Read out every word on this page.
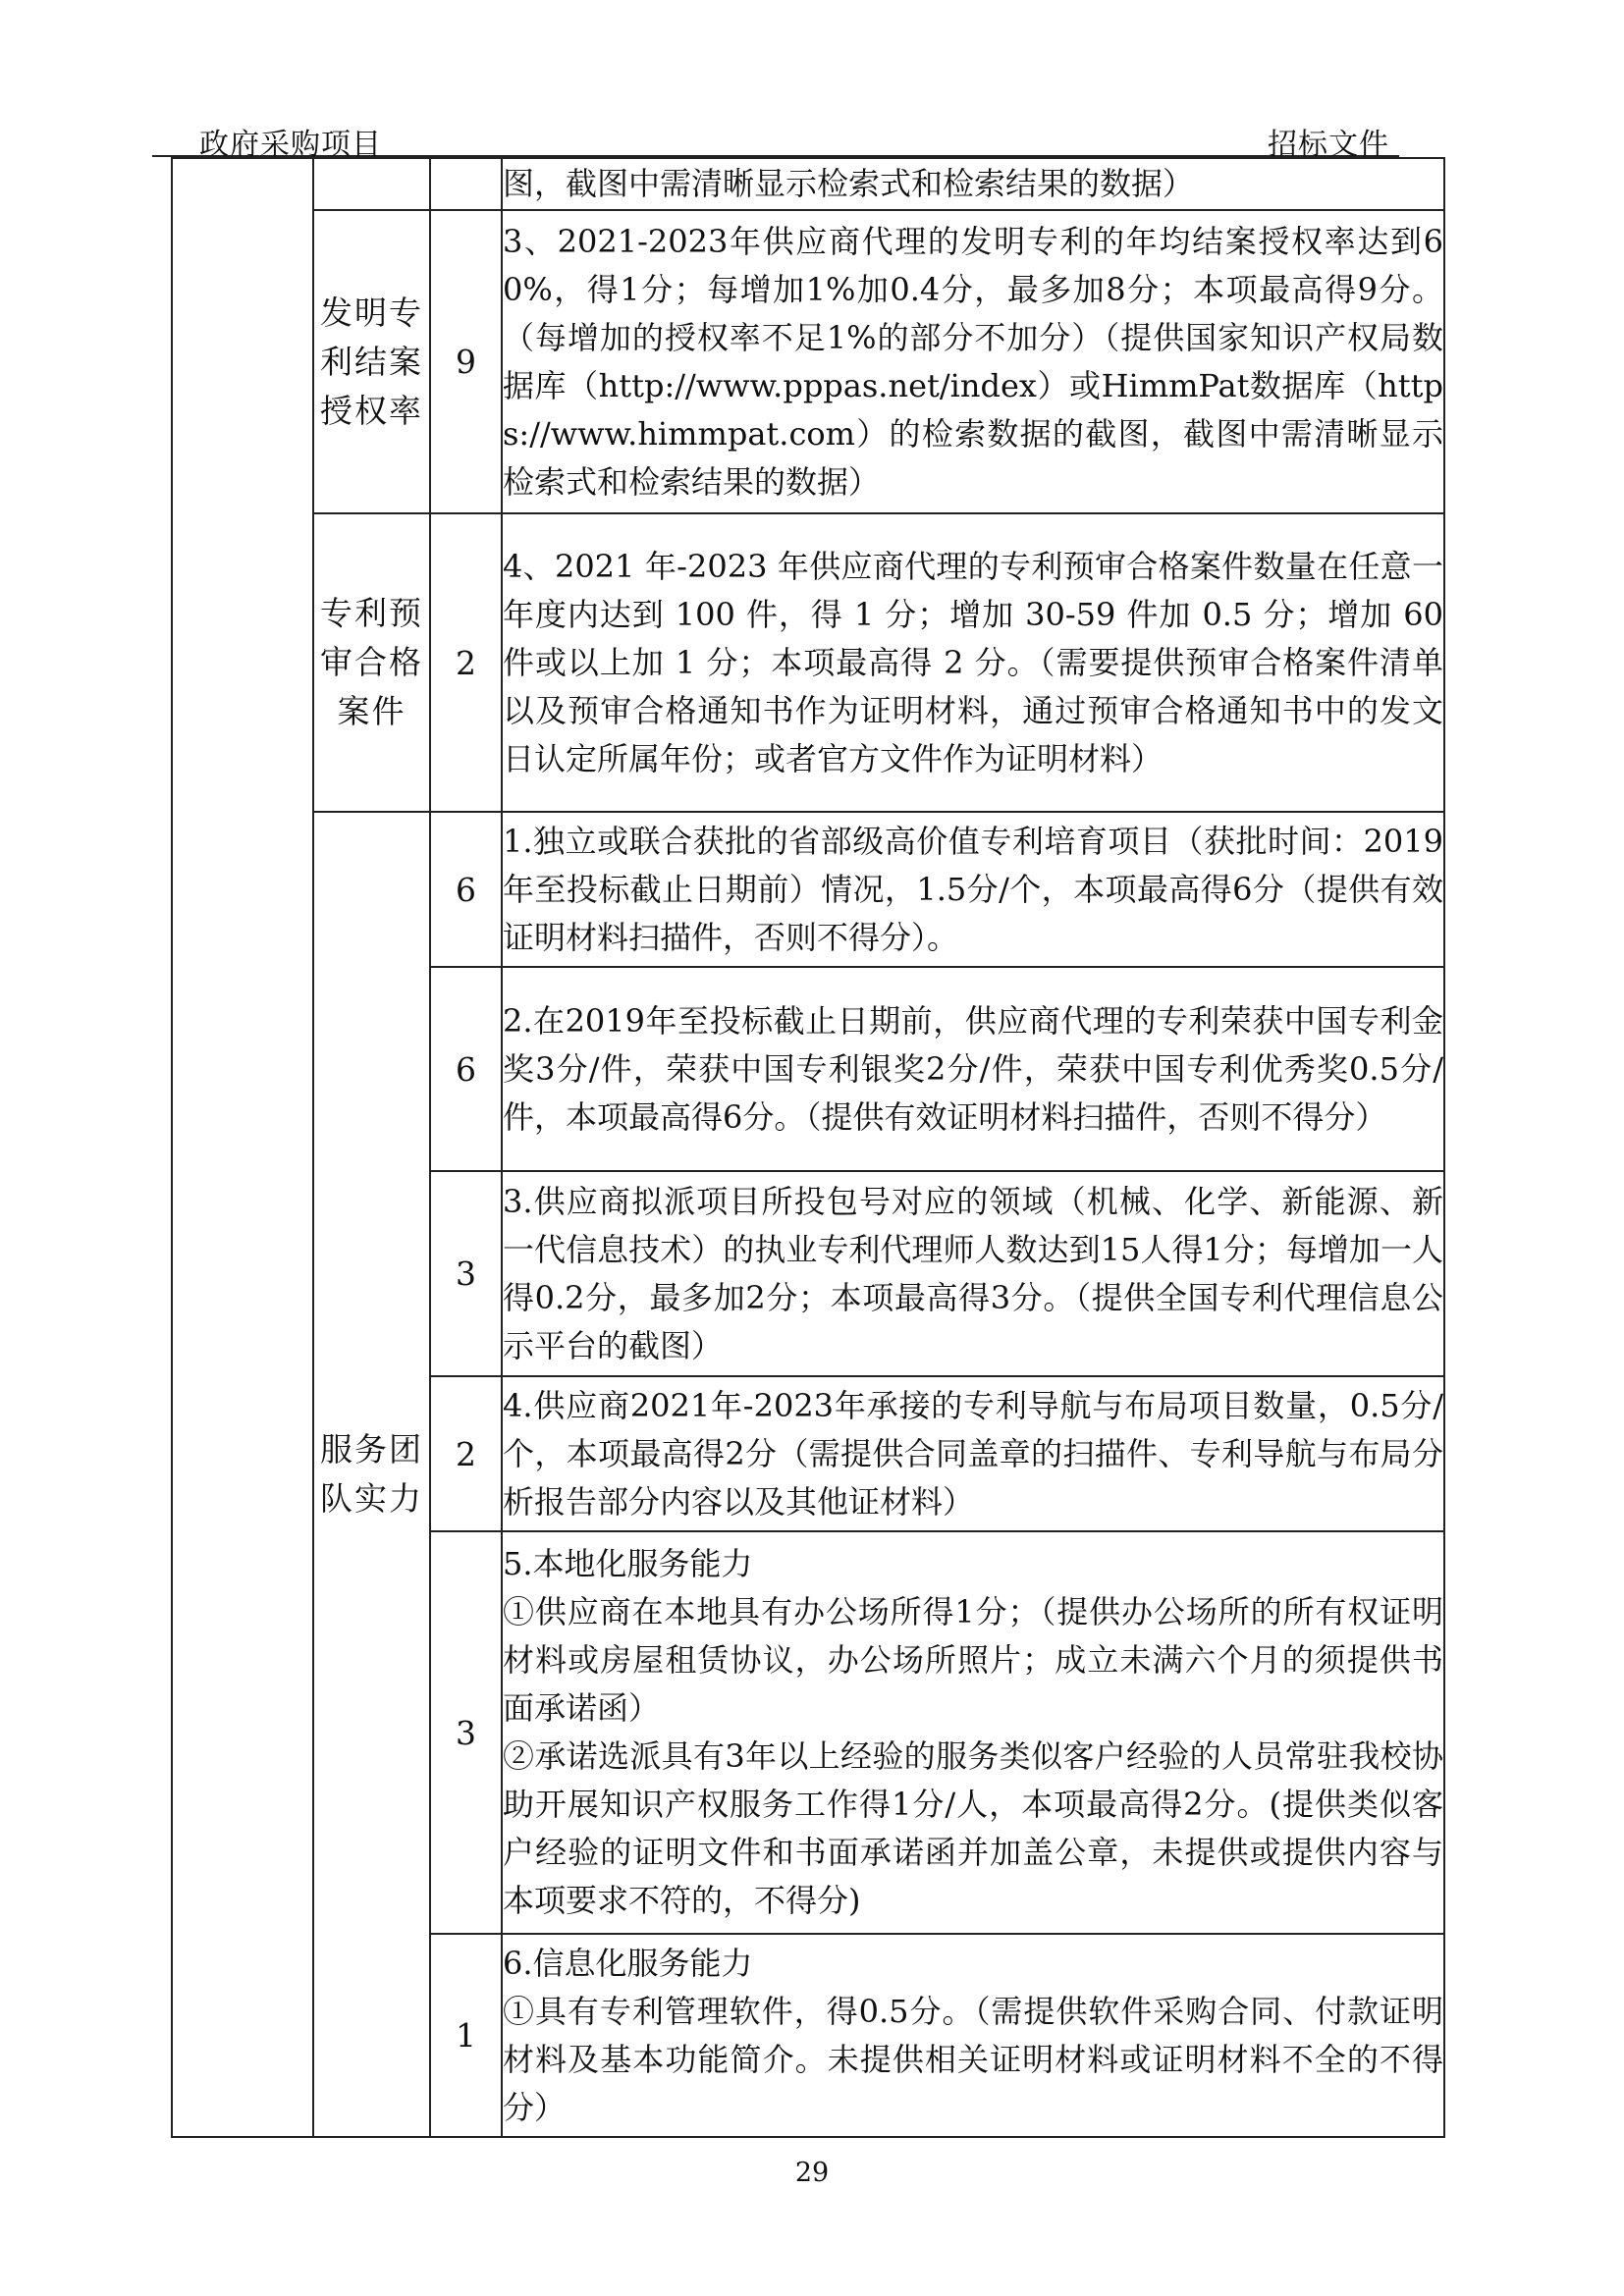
政府采购项目	招标文件
			图，截图中需清晰显示检索式和检索结果的数据）
	发明专利结案授权率	9	3、2021-2023年供应商代理的发明专利的年均结案授权率达到60%，得1分；每增加1%加0.4分，最多加8分；本项最高得9分。（每增加的授权率不足1%的部分不加分）（提供国家知识产权局数据库（http://www.pppas.net/index）或HimmPat数据库（https://www.himmpat.com）的检索数据的截图，截图中需清晰显示检索式和检索结果的数据）
	专利预审合格案件	2	4、2021 年-2023 年供应商代理的专利预审合格案件数量在任意一年度内达到 100 件，得 1 分；增加 30-59 件加 0.5 分；增加 60 件或以上加 1 分；本项最高得 2 分。（需要提供预审合格案件清单以及预审合格通知书作为证明材料，通过预审合格通知书中的发文日认定所属年份；或者官方文件作为证明材料）
	服务团队实力	6	1.独立或联合获批的省部级高价值专利培育项目（获批时间：2019年至投标截止日期前）情况，1.5分/个，本项最高得6分（提供有效证明材料扫描件，否则不得分）。
		6	2.在2019年至投标截止日期前，供应商代理的专利荣获中国专利金奖3分/件，荣获中国专利银奖2分/件，荣获中国专利优秀奖0.5分/件，本项最高得6分。（提供有效证明材料扫描件，否则不得分）
		3	3.供应商拟派项目所投包号对应的领域（机械、化学、新能源、新一代信息技术）的执业专利代理师人数达到15人得1分；每增加一人得0.2分，最多加2分；本项最高得3分。（提供全国专利代理信息公示平台的截图）
		2	4.供应商2021年-2023年承接的专利导航与布局项目数量，0.5分/个，本项最高得2分（需提供合同盖章的扫描件、专利导航与布局分析报告部分内容以及其他证材料）
		3	5.本地化服务能力
①供应商在本地具有办公场所得1分；（提供办公场所的所有权证明材料或房屋租赁协议，办公场所照片；成立未满六个月的须提供书面承诺函）
②承诺选派具有3年以上经验的服务类似客户经验的人员常驻我校协助开展知识产权服务工作得1分/人，本项最高得2分。(提供类似客户经验的证明文件和书面承诺函并加盖公章，未提供或提供内容与本项要求不符的，不得分)

		1	6.信息化服务能力
①具有专利管理软件，得0.5分。（需提供软件采购合同、付款证明材料及基本功能简介。未提供相关证明材料或证明材料不全的不得分）
29
